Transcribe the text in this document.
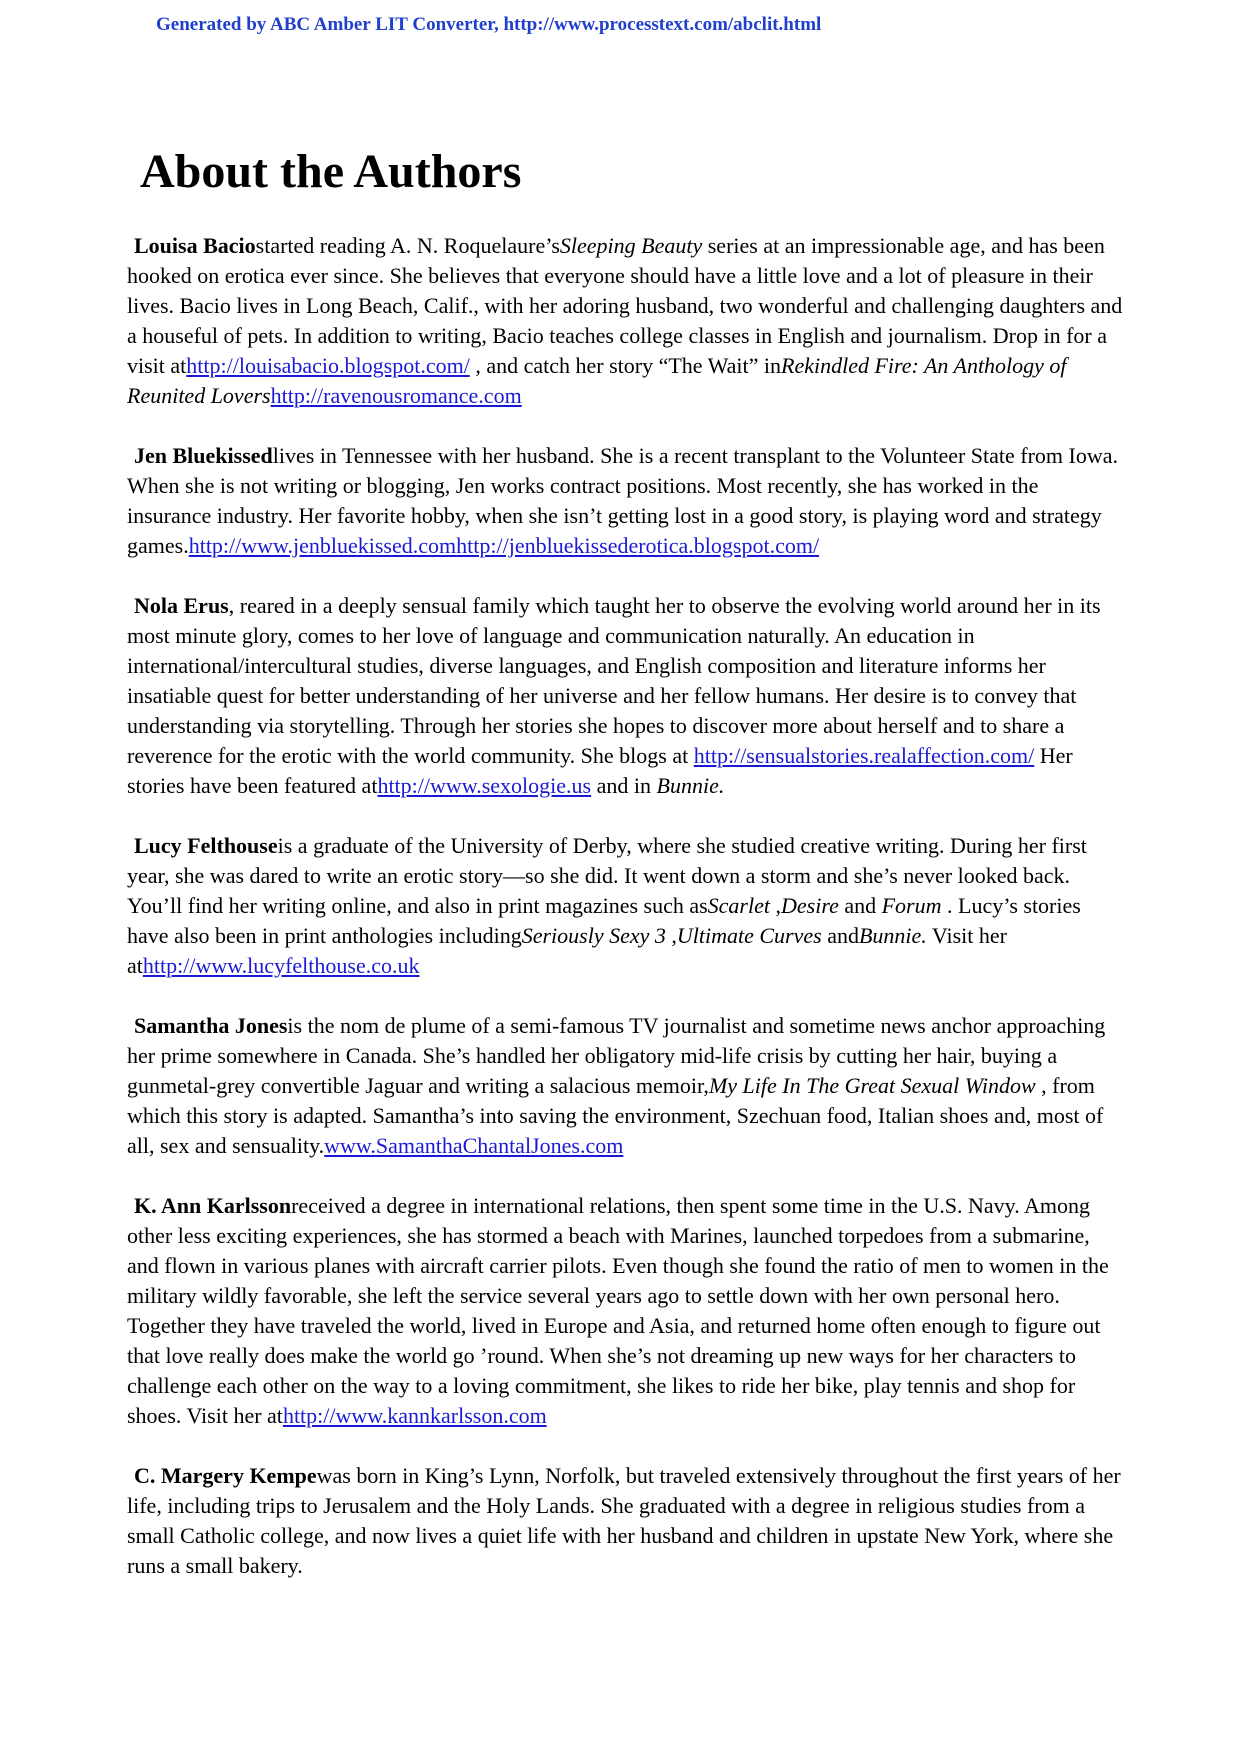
Generated by ABC Amber LIT Converter, http://www.processtext.com/abclit.html
About the Authors

Louisa Baciostarted reading A. N. Roquelaure’sSleeping Beauty series at an impressionable age, and has been hooked on erotica ever since. She believes that everyone should have a little love and a lot of pleasure in their lives. Bacio lives in Long Beach, Calif., with her adoring husband, two wonderful and challenging daughters and a houseful of pets. In addition to writing, Bacio teaches college classes in English and journalism. Drop in for a visit athttp://louisabacio.blogspot.com/ , and catch her story “The Wait” inRekindled Fire: An Anthology of Reunited Lovershttp://ravenousromance.com

Jen Bluekissedlives in Tennessee with her husband. She is a recent transplant to the Volunteer State from Iowa. When she is not writing or blogging, Jen works contract positions. Most recently, she has worked in the insurance industry. Her favorite hobby, when she isn’t getting lost in a good story, is playing word and strategy games.http://www.jenbluekissed.comhttp://jenbluekissederotica.blogspot.com/

Nola Erus, reared in a deeply sensual family which taught her to observe the evolving world around her in its most minute glory, comes to her love of language and communication naturally. An education in international/intercultural studies, diverse languages, and English composition and literature informs her insatiable quest for better understanding of her universe and her fellow humans. Her desire is to convey that understanding via storytelling. Through her stories she hopes to discover more about herself and to share a reverence for the erotic with the world community. She blogs at http://sensualstories.realaffection.com/ Her stories have been featured athttp://www.sexologie.us and in Bunnie.

Lucy Felthouseis a graduate of the University of Derby, where she studied creative writing. During her first year, she was dared to write an erotic story—so she did. It went down a storm and she’s never looked back. You’ll find her writing online, and also in print magazines such asScarlet ,Desire and Forum . Lucy’s stories have also been in print anthologies includingSeriously Sexy 3 ,Ultimate Curves andBunnie. Visit her athttp://www.lucyfelthouse.co.uk

Samantha Jonesis the nom de plume of a semi-famous TV journalist and sometime news anchor approaching her prime somewhere in Canada. She’s handled her obligatory mid-life crisis by cutting her hair, buying a gunmetal-grey convertible Jaguar and writing a salacious memoir,My Life In The Great Sexual Window , from which this story is adapted. Samantha’s into saving the environment, Szechuan food, Italian shoes and, most of all, sex and sensuality.www.SamanthaChantalJones.com

K. Ann Karlssonreceived a degree in international relations, then spent some time in the U.S. Navy. Among other less exciting experiences, she has stormed a beach with Marines, launched torpedoes from a submarine, and flown in various planes with aircraft carrier pilots. Even though she found the ratio of men to women in the military wildly favorable, she left the service several years ago to settle down with her own personal hero. Together they have traveled the world, lived in Europe and Asia, and returned home often enough to figure out that love really does make the world go ’round. When she’s not dreaming up new ways for her characters to challenge each other on the way to a loving commitment, she likes to ride her bike, play tennis and shop for shoes. Visit her athttp://www.kannkarlsson.com

C. Margery Kempewas born in King’s Lynn, Norfolk, but traveled extensively throughout the first years of her life, including trips to Jerusalem and the Holy Lands. She graduated with a degree in religious studies from a small Catholic college, and now lives a quiet life with her husband and children in upstate New York, where she runs a small bakery.
